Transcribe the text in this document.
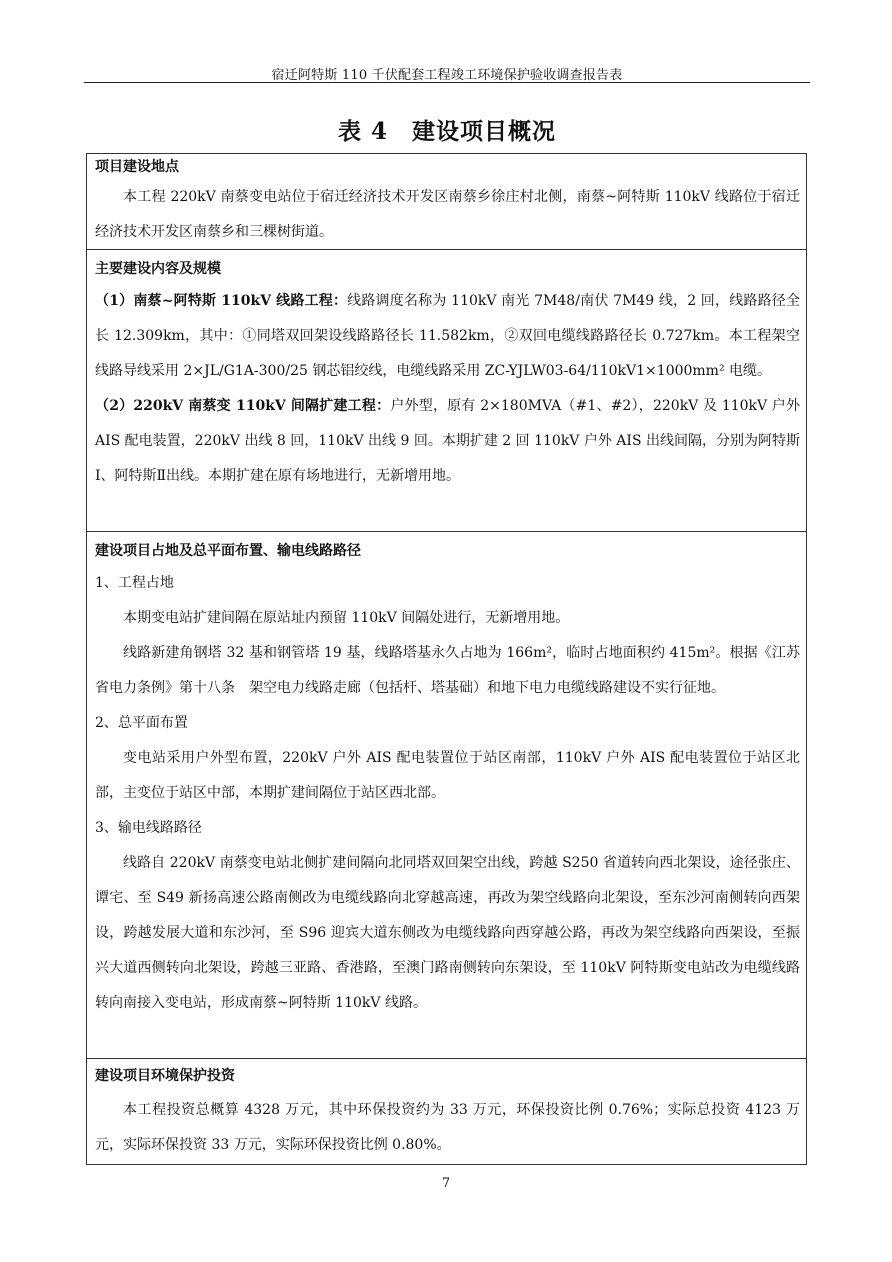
宿迁阿特斯 110 千伏配套工程竣工环境保护验收调查报告表
表 4　建设项目概况
项目建设地点
本工程 220kV 南蔡变电站位于宿迁经济技术开发区南蔡乡徐庄村北侧，南蔡~阿特斯 110kV 线路位于宿迁经济技术开发区南蔡乡和三棵树街道。
主要建设内容及规模
（1）南蔡~阿特斯 110kV 线路工程：线路调度名称为 110kV 南光 7M48/南伏 7M49 线，2 回，线路路径全长 12.309km，其中：①同塔双回架设线路路径长 11.582km，②双回电缆线路路径长 0.727km。本工程架空线路导线采用 2×JL/G1A-300/25 钢芯铝绞线，电缆线路采用 ZC-YJLW03-64/110kV1×1000mm² 电缆。
（2）220kV 南蔡变 110kV 间隔扩建工程：户外型，原有 2×180MVA（#1、#2），220kV 及 110kV 户外 AIS 配电装置，220kV 出线 8 回，110kV 出线 9 回。本期扩建 2 回 110kV 户外 AIS 出线间隔，分别为阿特斯Ⅰ、阿特斯Ⅱ出线。本期扩建在原有场地进行，无新增用地。
建设项目占地及总平面布置、输电线路路径
1、工程占地
本期变电站扩建间隔在原站址内预留 110kV 间隔处进行，无新增用地。
线路新建角钢塔 32 基和钢管塔 19 基，线路塔基永久占地为 166m²，临时占地面积约 415m²。根据《江苏省电力条例》第十八条　架空电力线路走廊（包括杆、塔基础）和地下电力电缆线路建设不实行征地。
2、总平面布置
变电站采用户外型布置，220kV 户外 AIS 配电装置位于站区南部，110kV 户外 AIS 配电装置位于站区北部，主变位于站区中部，本期扩建间隔位于站区西北部。
3、输电线路路径
线路自 220kV 南蔡变电站北侧扩建间隔向北同塔双回架空出线，跨越 S250 省道转向西北架设，途径张庄、谭宅、至 S49 新扬高速公路南侧改为电缆线路向北穿越高速，再改为架空线路向北架设，至东沙河南侧转向西架设，跨越发展大道和东沙河，至 S96 迎宾大道东侧改为电缆线路向西穿越公路，再改为架空线路向西架设，至振兴大道西侧转向北架设，跨越三亚路、香港路，至澳门路南侧转向东架设，至 110kV 阿特斯变电站改为电缆线路转向南接入变电站，形成南蔡~阿特斯 110kV 线路。
建设项目环境保护投资
本工程投资总概算 4328 万元，其中环保投资约为 33 万元，环保投资比例 0.76%；实际总投资 4123 万元，实际环保投资 33 万元，实际环保投资比例 0.80%。
7
